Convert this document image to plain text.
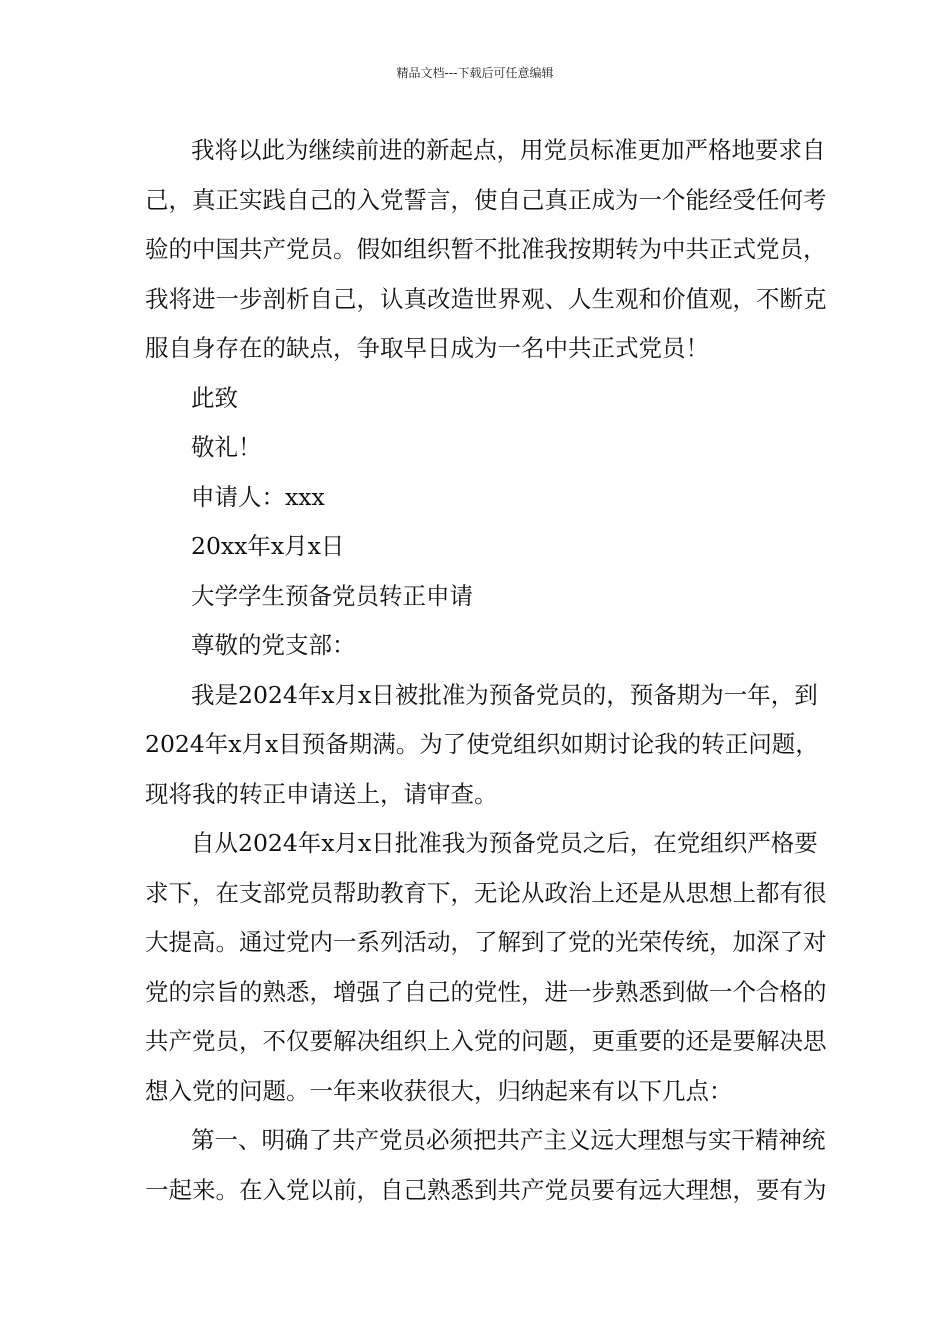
精品文档---下载后可任意编辑
我将以此为继续前进的新起点，用党员标准更加严格地要求自
己，真正实践自己的入党誓言，使自己真正成为一个能经受任何考
验的中国共产党员。假如组织暂不批准我按期转为中共正式党员，
我将进一步剖析自己，认真改造世界观、人生观和价值观，不断克
服自身存在的缺点，争取早日成为一名中共正式党员！
此致
敬礼！
申请人：xxx
20xx年x月x日
大学学生预备党员转正申请
尊敬的党支部：
我是2024年x月x日被批准为预备党员的，预备期为一年，到
2024年x月x目预备期满。为了使党组织如期讨论我的转正问题，
现将我的转正申请送上，请审查。
自从2024年x月x日批准我为预备党员之后，在党组织严格要
求下，在支部党员帮助教育下，无论从政治上还是从思想上都有很
大提高。通过党内一系列活动，了解到了党的光荣传统，加深了对
党的宗旨的熟悉，增强了自己的党性，进一步熟悉到做一个合格的
共产党员，不仅要解决组织上入党的问题，更重要的还是要解决思
想入党的问题。一年来收获很大，归纳起来有以下几点：
第一、明确了共产党员必须把共产主义远大理想与实干精神统
一起来。在入党以前，自己熟悉到共产党员要有远大理想，要有为
